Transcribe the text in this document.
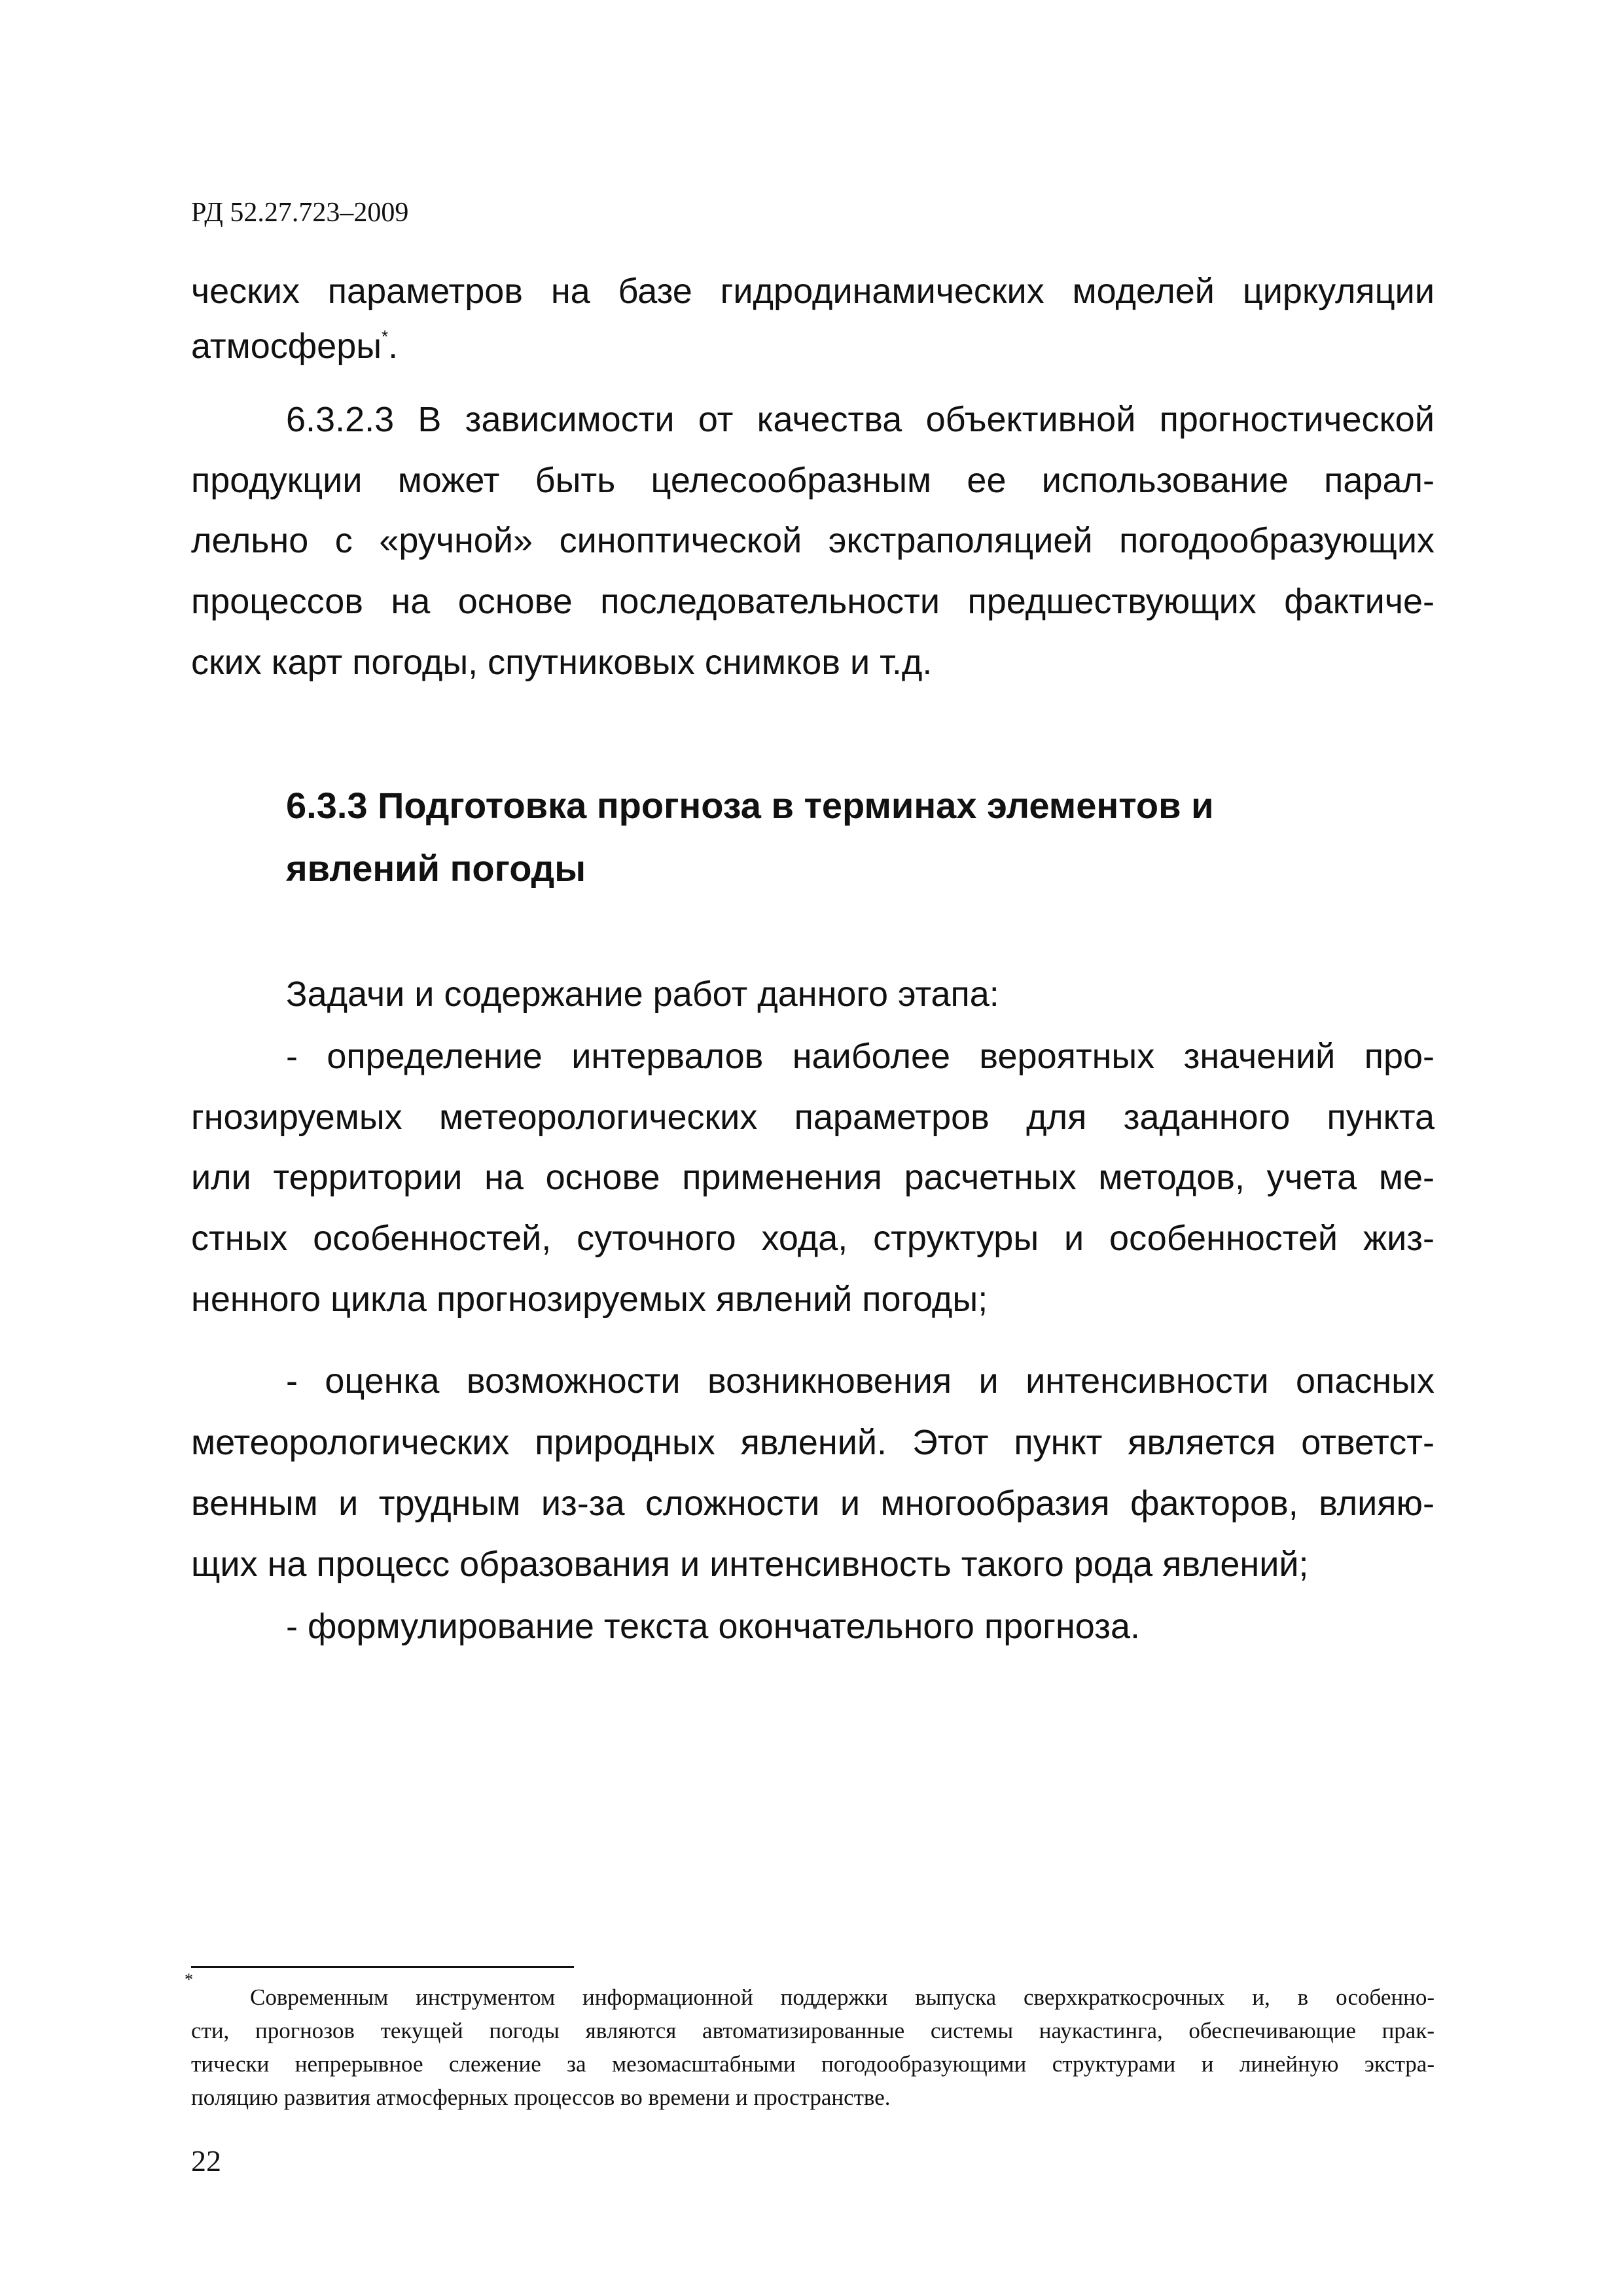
РД 52.27.723–2009
ческих параметров на базе гидродинамических моделей циркуляции
атмосферы*.
6.3.2.3 В зависимости от качества объективной прогностической
продукции может быть целесообразным ее использование парал-
лельно с «ручной» синоптической экстраполяцией погодообразующих
процессов на основе последовательности предшествующих фактиче-
ских карт погоды, спутниковых снимков и т.д.
6.3.3 Подготовка прогноза в терминах элементов и
явлений погоды
Задачи и содержание работ данного этапа:
- определение интервалов наиболее вероятных значений про-
гнозируемых метеорологических параметров для заданного пункта
или территории на основе применения расчетных методов, учета ме-
стных особенностей, суточного хода, структуры и особенностей жиз-
ненного цикла прогнозируемых явлений погоды;
- оценка возможности возникновения и интенсивности опасных
метеорологических природных явлений. Этот пункт является ответст-
венным и трудным из-за сложности и многообразия факторов, влияю-
щих на процесс образования и интенсивность такого рода явлений;
- формулирование текста окончательного прогноза.
*
Современным инструментом информационной поддержки выпуска сверхкраткосрочных и, в особенно-
сти, прогнозов текущей погоды являются автоматизированные системы наукастинга, обеспечивающие прак-
тически непрерывное слежение за мезомасштабными погодообразующими структурами и линейную экстра-
поляцию развития атмосферных процессов во времени и пространстве.
22
